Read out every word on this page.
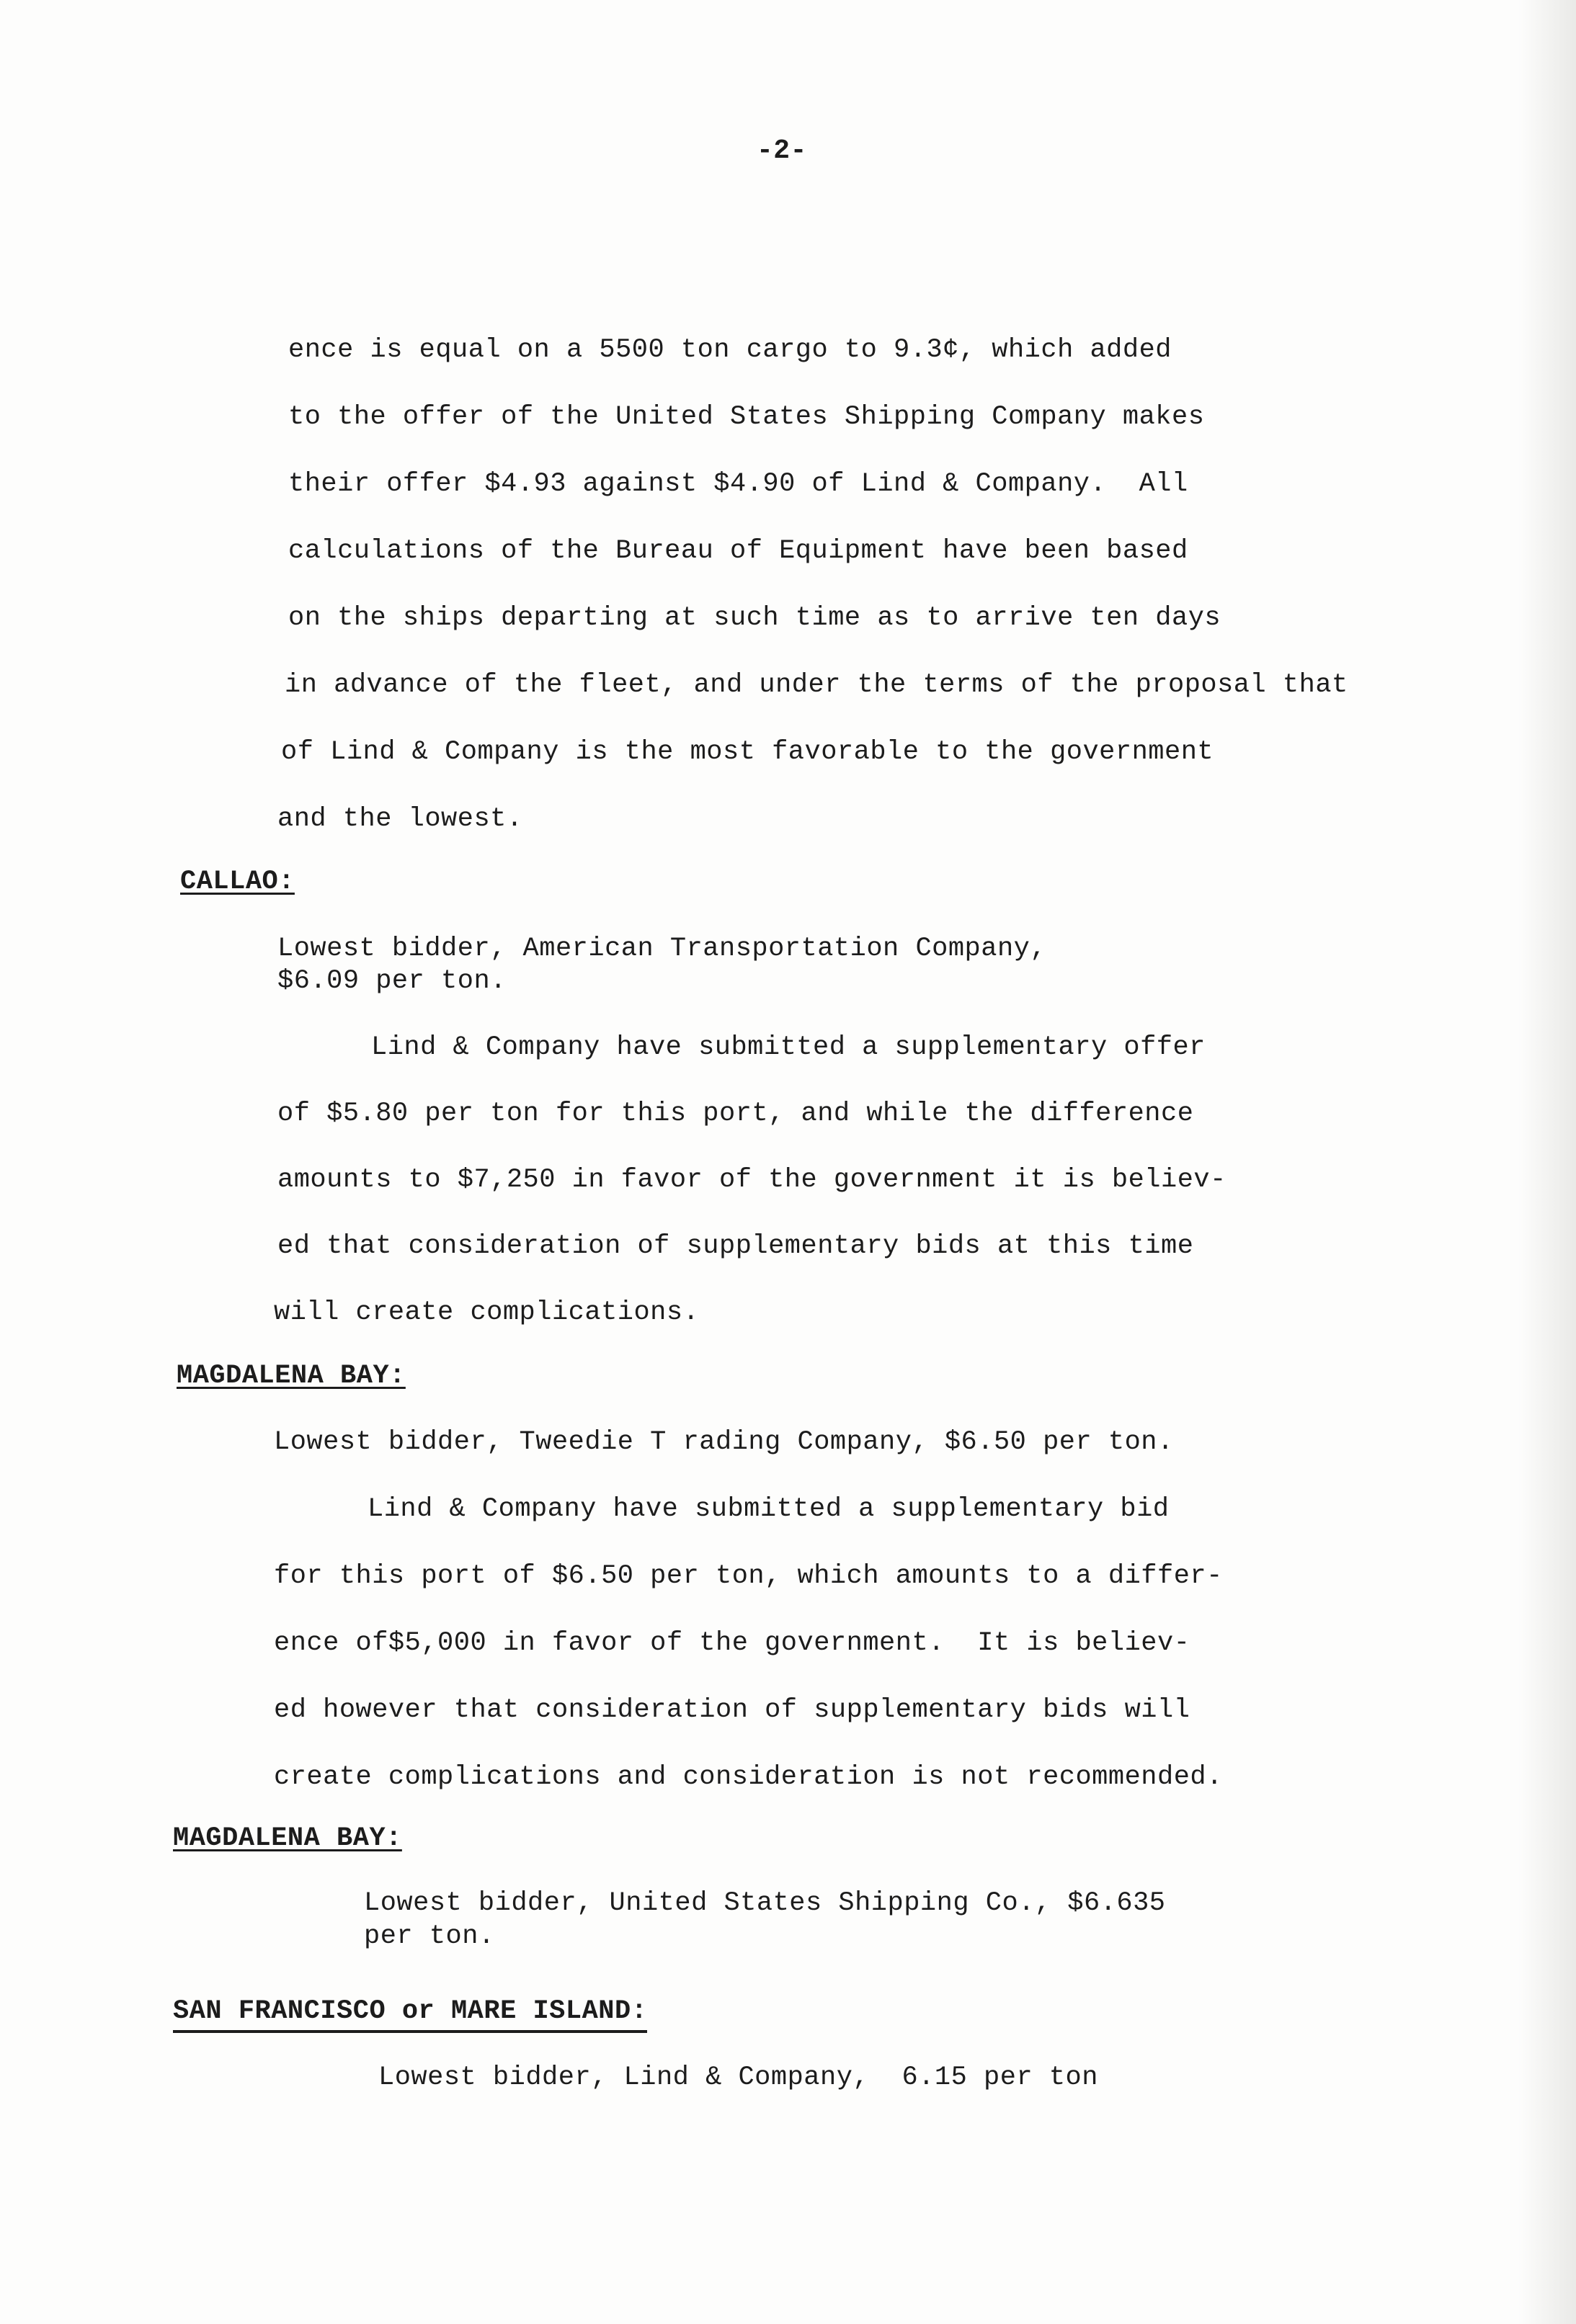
-2-
ence is equal on a 5500 ton cargo to 9.3¢, which added
to the offer of the United States Shipping Company makes
their offer $4.93 against $4.90 of Lind & Company.  All
calculations of the Bureau of Equipment have been based
on the ships departing at such time as to arrive ten days
in advance of the fleet, and under the terms of the proposal that
of Lind & Company is the most favorable to the government
and the lowest.
CALLAO:
Lowest bidder, American Transportation Company,
$6.09 per ton.
Lind & Company have submitted a supplementary offer
of $5.80 per ton for this port, and while the difference
amounts to $7,250 in favor of the government it is believ-
ed that consideration of supplementary bids at this time
will create complications.
MAGDALENA BAY:
Lowest bidder, Tweedie T rading Company, $6.50 per ton.
Lind & Company have submitted a supplementary bid
for this port of $6.50 per ton, which amounts to a differ-
ence of$5,000 in favor of the government.  It is believ-
ed however that consideration of supplementary bids will
create complications and consideration is not recommended.
MAGDALENA BAY:
Lowest bidder, United States Shipping Co., $6.635
per ton.
SAN FRANCISCO or MARE ISLAND:
Lowest bidder, Lind & Company,  6.15 per ton
